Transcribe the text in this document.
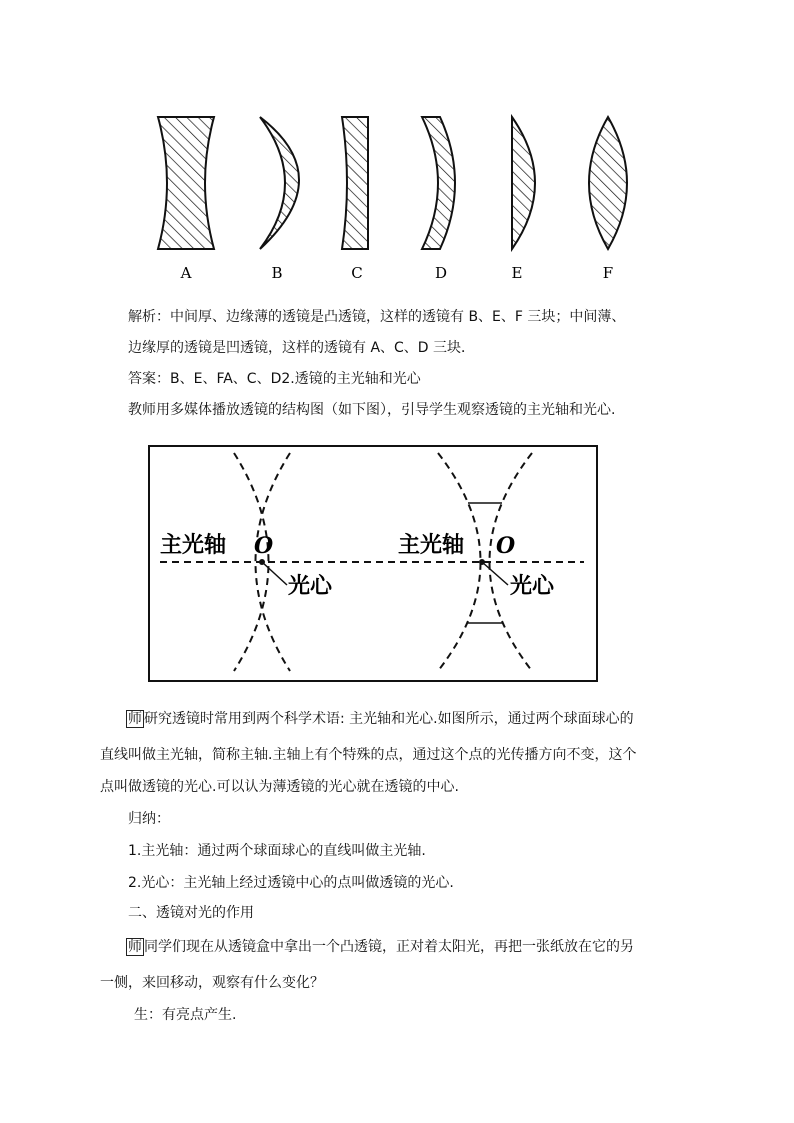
A	B	C	D	E	F
解析：中间厚、边缘薄的透镜是凸透镜，这样的透镜有 B、E、F 三块；中间薄、
边缘厚的透镜是凹透镜，这样的透镜有 A、C、D 三块．
答案：B、E、FA、C、D2.透镜的主光轴和光心
教师用多媒体播放透镜的结构图（如下图），引导学生观察透镜的主光轴和光心.
主光轴 O
光心
主光轴 O
光心
师 研究透镜时常用到两个科学术语: 主光轴和光心.如图所示，通过两个球面球心的
直线叫做主光轴，简称主轴.主轴上有个特殊的点，通过这个点的光传播方向不变，这个
点叫做透镜的光心.可以认为薄透镜的光心就在透镜的中心.
归纳：
1.主光轴：通过两个球面球心的直线叫做主光轴.
2.光心：主光轴上经过透镜中心的点叫做透镜的光心.
二、透镜对光的作用
师 同学们现在从透镜盒中拿出一个凸透镜，正对着太阳光，再把一张纸放在它的另
一侧，来回移动，观察有什么变化？
生：有亮点产生.
